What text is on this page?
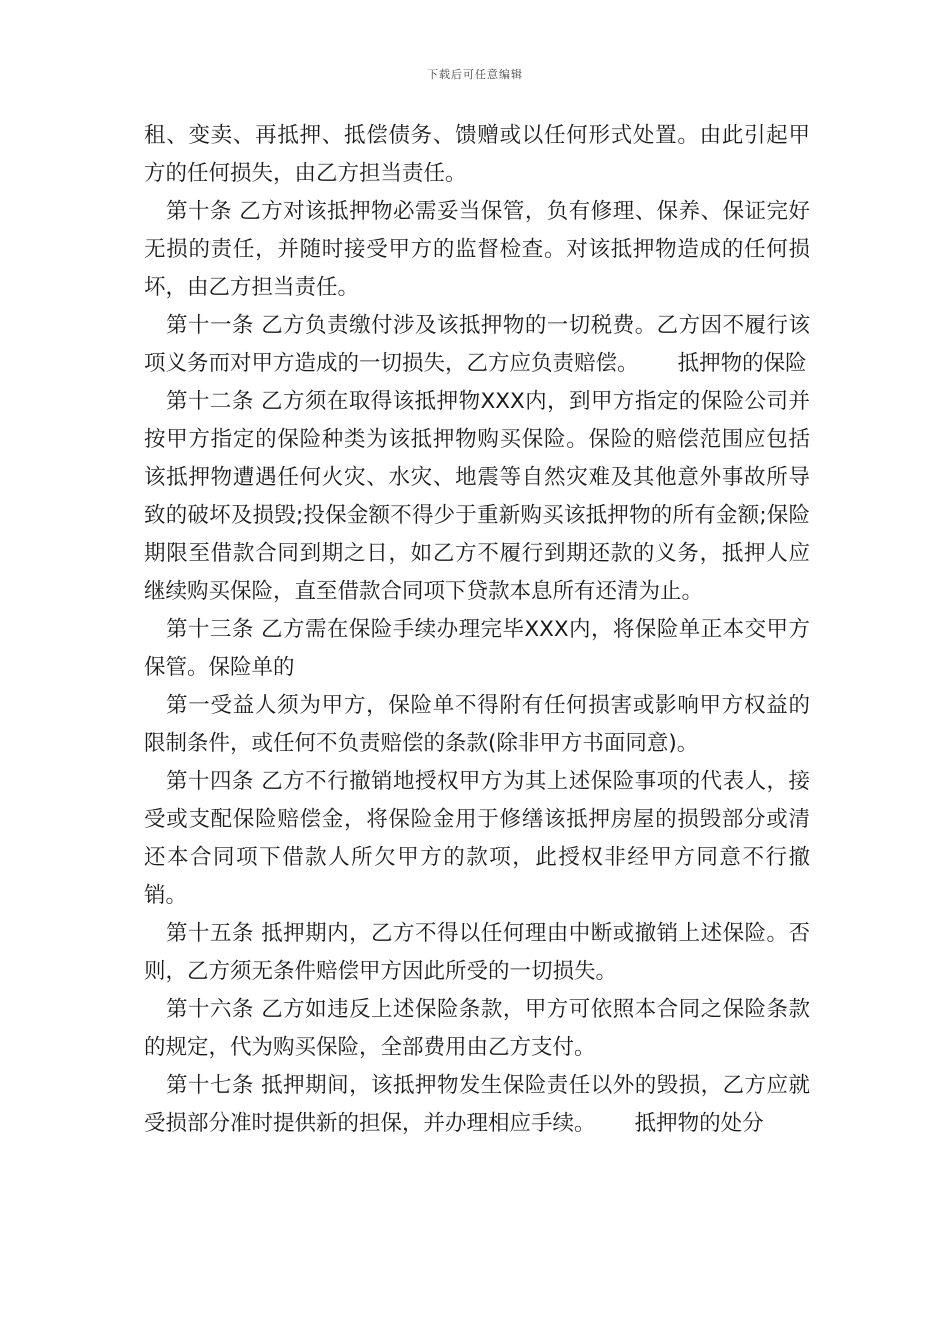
下载后可任意编辑

租、变卖、再抵押、抵偿债务、馈赠或以任何形式处置。由此引起甲方的任何损失，由乙方担当责任。

第十条 乙方对该抵押物必需妥当保管，负有修理、保养、保证完好无损的责任，并随时接受甲方的监督检查。对该抵押物造成的任何损坏，由乙方担当责任。

第十一条 乙方负责缴付涉及该抵押物的一切税费。乙方因不履行该项义务而对甲方造成的一切损失，乙方应负责赔偿。　　 抵押物的保险

第十二条 乙方须在取得该抵押物XXX内，到甲方指定的保险公司并按甲方指定的保险种类为该抵押物购买保险。保险的赔偿范围应包括该抵押物遭遇任何火灾、水灾、地震等自然灾难及其他意外事故所导致的破坏及损毁;投保金额不得少于重新购买该抵押物的所有金额;保险期限至借款合同到期之日，如乙方不履行到期还款的义务，抵押人应继续购买保险，直至借款合同项下贷款本息所有还清为止。

第十三条 乙方需在保险手续办理完毕XXX内，将保险单正本交甲方保管。保险单的

第一受益人须为甲方，保险单不得附有任何损害或影响甲方权益的限制条件，或任何不负责赔偿的条款(除非甲方书面同意)。

第十四条 乙方不行撤销地授权甲方为其上述保险事项的代表人，接受或支配保险赔偿金，将保险金用于修缮该抵押房屋的损毁部分或清还本合同项下借款人所欠甲方的款项，此授权非经甲方同意不行撤销。

第十五条 抵押期内，乙方不得以任何理由中断或撤销上述保险。否则，乙方须无条件赔偿甲方因此所受的一切损失。

第十六条 乙方如违反上述保险条款，甲方可依照本合同之保险条款的规定，代为购买保险，全部费用由乙方支付。

第十七条 抵押期间，该抵押物发生保险责任以外的毁损，乙方应就受损部分准时提供新的担保，并办理相应手续。　　 抵押物的处分
